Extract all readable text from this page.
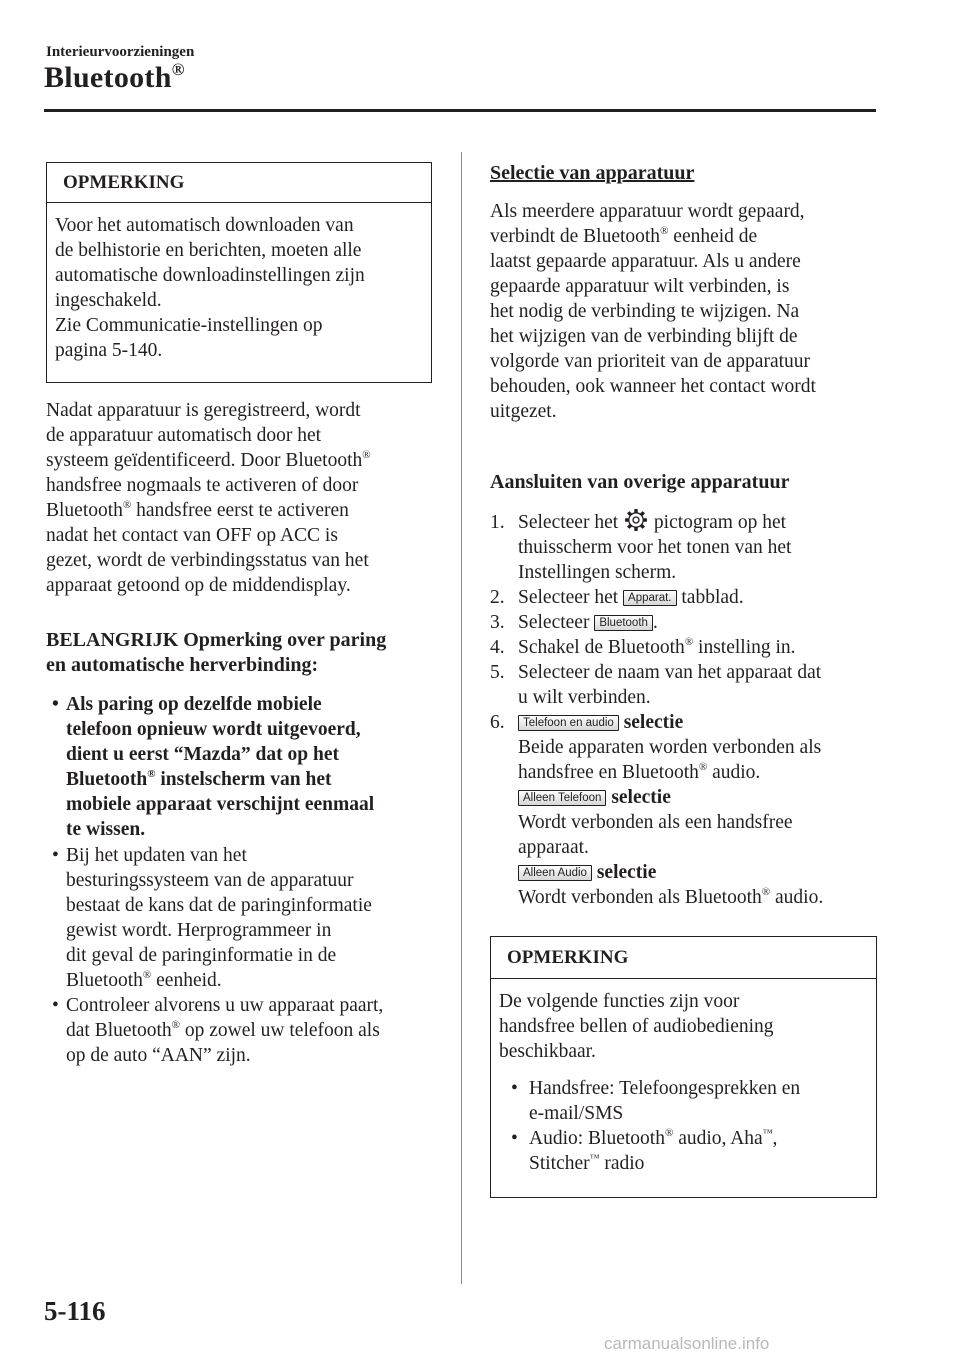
Interieurvoorzieningen
Bluetooth®
OPMERKING
Voor het automatisch downloaden van
de belhistorie en berichten, moeten alle
automatische downloadinstellingen zijn
ingeschakeld.
Zie Communicatie-instellingen op
pagina 5-140.
Nadat apparatuur is geregistreerd, wordt
de apparatuur automatisch door het
systeem geïdentificeerd. Door Bluetooth®
handsfree nogmaals te activeren of door
Bluetooth® handsfree eerst te activeren
nadat het contact van OFF op ACC is
gezet, wordt de verbindingsstatus van het
apparaat getoond op de middendisplay.
BELANGRIJK Opmerking over paring
en automatische herverbinding:
• Als paring op dezelfde mobiele
telefoon opnieuw wordt uitgevoerd,
dient u eerst “Mazda” dat op het
Bluetooth® instelscherm van het
mobiele apparaat verschijnt eenmaal
te wissen.
• Bij het updaten van het
besturingssysteem van de apparatuur
bestaat de kans dat de paringinformatie
gewist wordt. Herprogrammeer in
dit geval de paringinformatie in de
Bluetooth® eenheid.
• Controleer alvorens u uw apparaat paart,
dat Bluetooth® op zowel uw telefoon als
op de auto “AAN” zijn.
Selectie van apparatuur
Als meerdere apparatuur wordt gepaard,
verbindt de Bluetooth® eenheid de
laatst gepaarde apparatuur. Als u andere
gepaarde apparatuur wilt verbinden, is
het nodig de verbinding te wijzigen. Na
het wijzigen van de verbinding blijft de
volgorde van prioriteit van de apparatuur
behouden, ook wanneer het contact wordt
uitgezet.
Aansluiten van overige apparatuur
1. Selecteer het pictogram op het
thuisscherm voor het tonen van het
Instellingen scherm.
2. Selecteer het Apparat. tabblad.
3. Selecteer Bluetooth .
4. Schakel de Bluetooth® instelling in.
5. Selecteer de naam van het apparaat dat
u wilt verbinden.
6. Telefoon en audio selectie
Beide apparaten worden verbonden als
handsfree en Bluetooth® audio.
Alleen Telefoon selectie
Wordt verbonden als een handsfree
apparaat.
Alleen Audio selectie
Wordt verbonden als Bluetooth® audio.
OPMERKING
De volgende functies zijn voor
handsfree bellen of audiobediening
beschikbaar.
• Handsfree: Telefoongesprekken en
e-mail/SMS
• Audio: Bluetooth® audio, Aha™,
Stitcher™ radio
5-116
carmanualsonline.info
